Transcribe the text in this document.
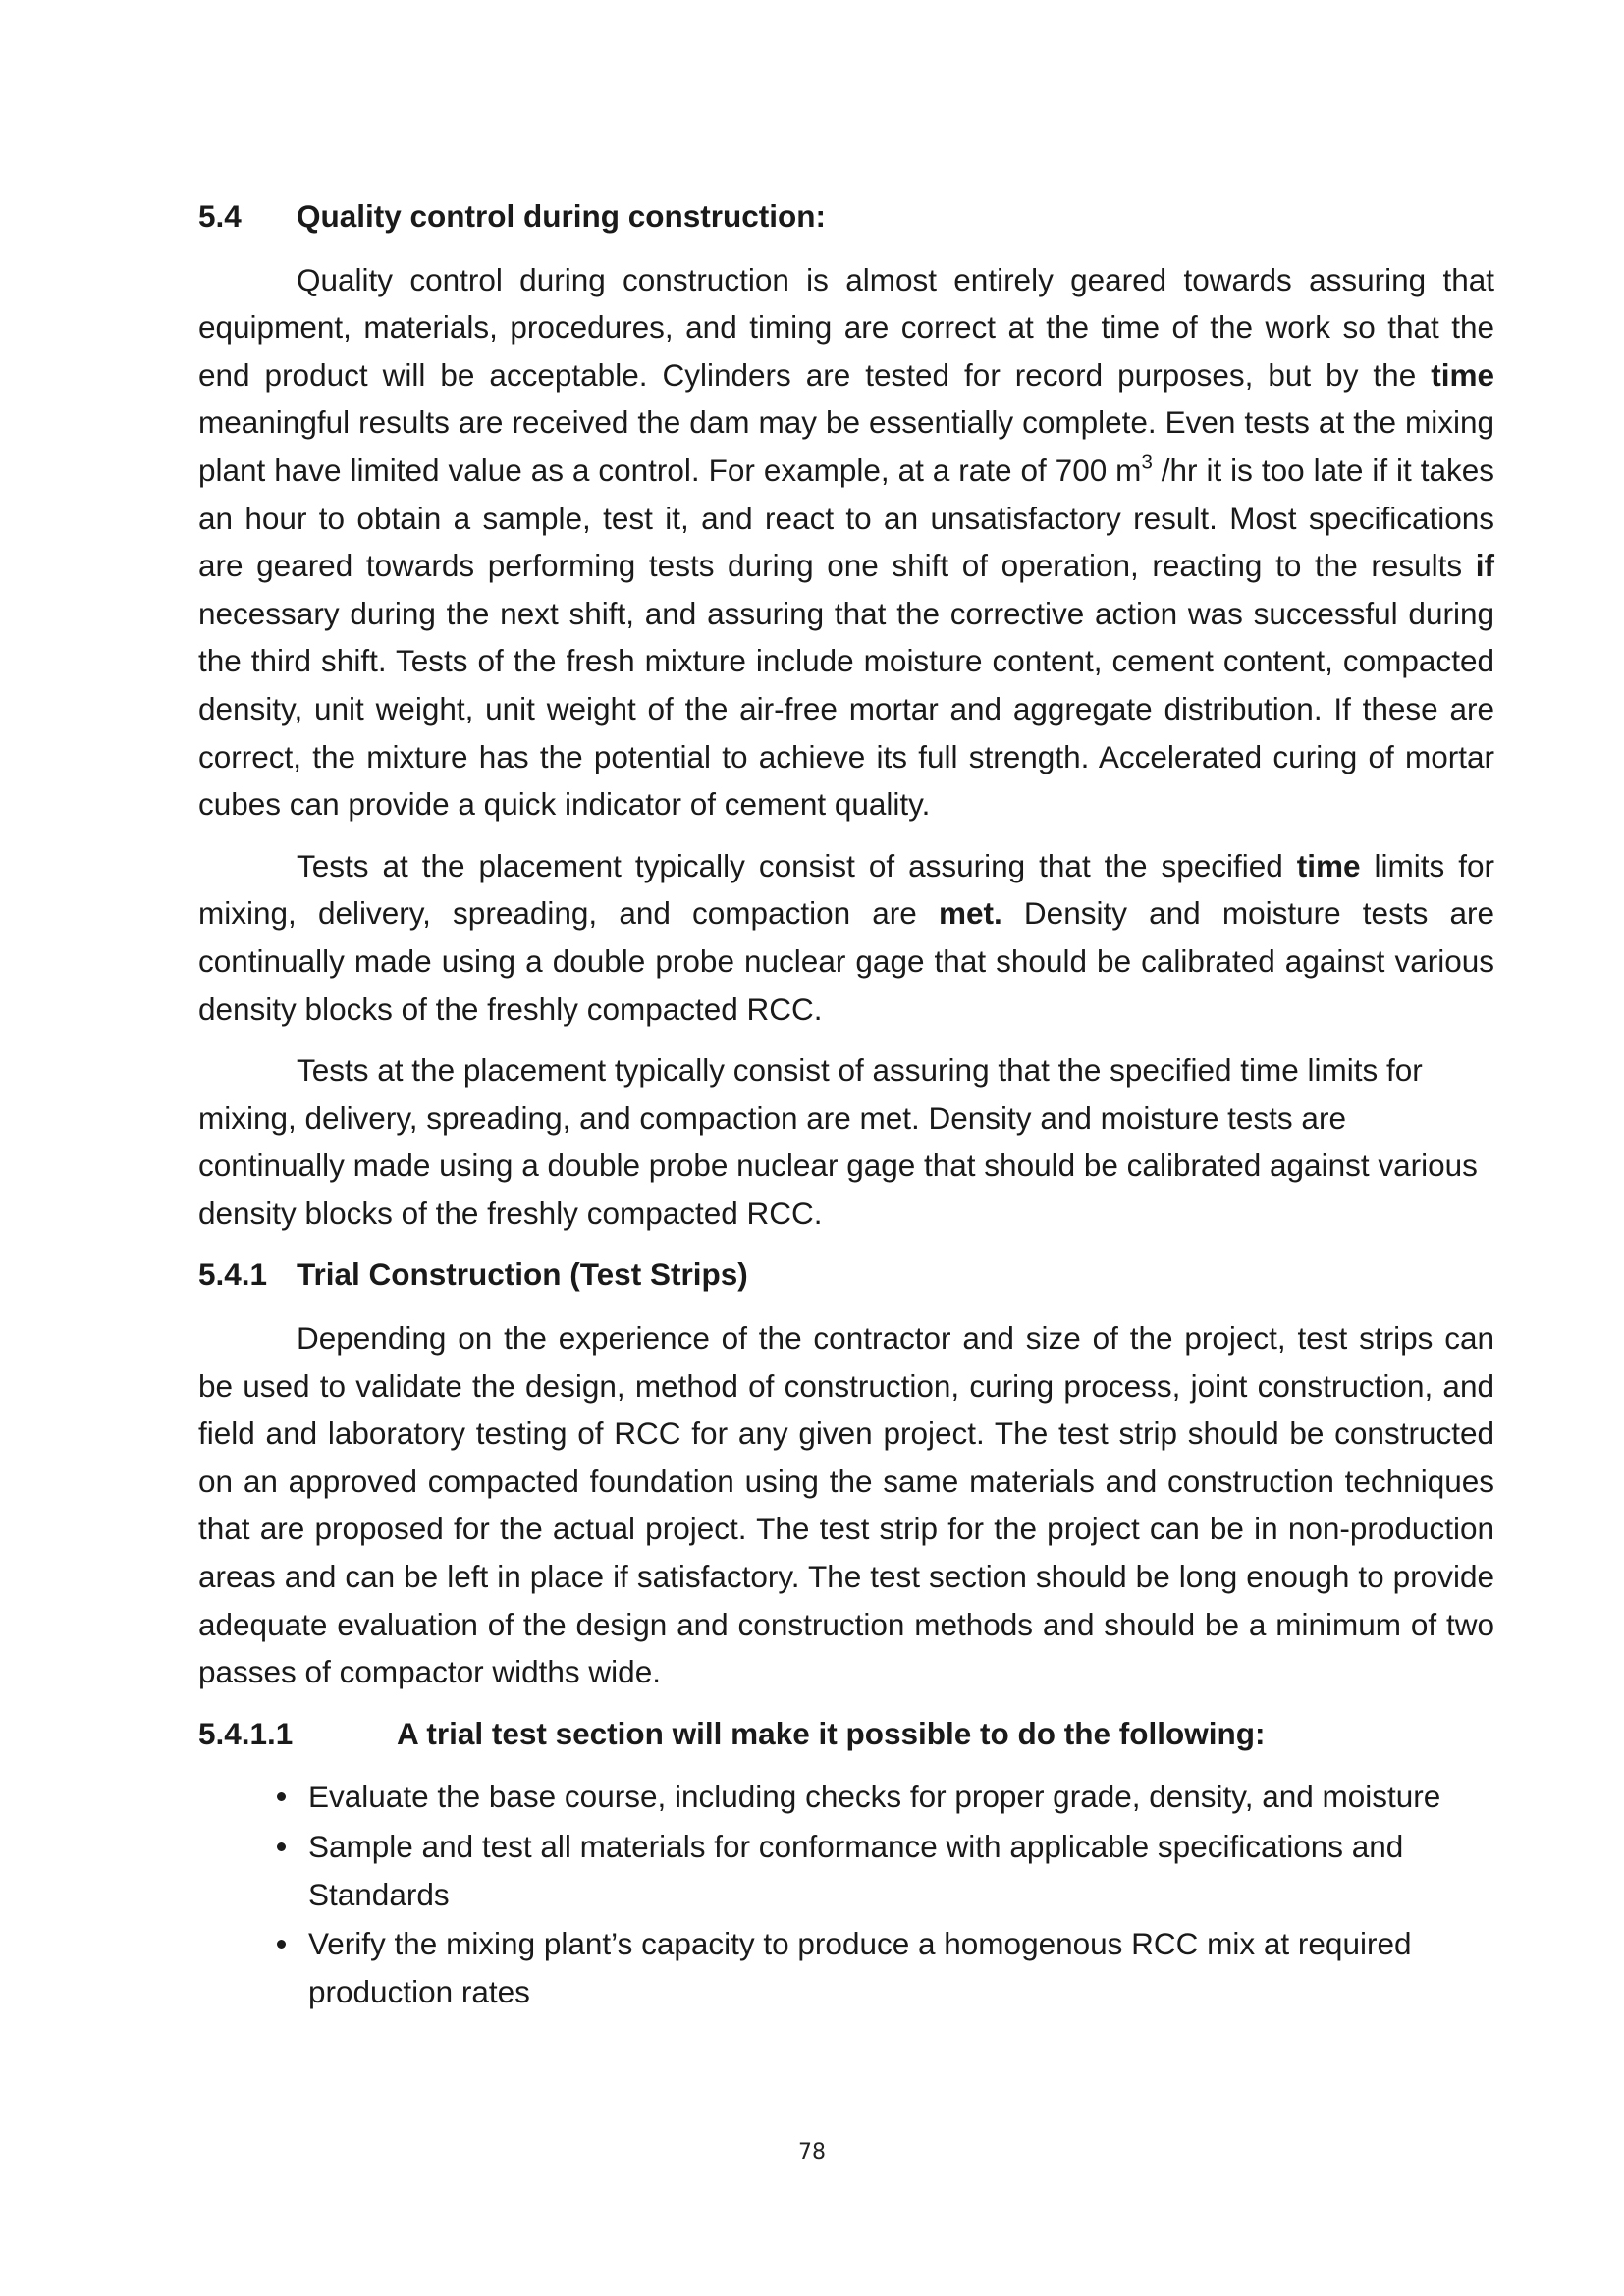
5.4	Quality control during construction:

Quality control during construction is almost entirely geared towards assuring that equipment, materials, procedures, and timing are correct at the time of the work so that the end product will be acceptable. Cylinders are tested for record purposes, but by the time meaningful results are received the dam may be essentially complete. Even tests at the mixing plant have limited value as a control. For example, at a rate of 700 $m^3$ /hr it is too late if it takes an hour to obtain a sample, test it, and react to an unsatisfactory result. Most specifications are geared towards performing tests during one shift of operation, reacting to the results if necessary during the next shift, and assuring that the corrective action was successful during the third shift. Tests of the fresh mixture include moisture content, cement content, compacted density, unit weight, unit weight of the air-free mortar and aggregate distribution. If these are correct, the mixture has the potential to achieve its full strength. Accelerated curing of mortar cubes can provide a quick indicator of cement quality.

Tests at the placement typically consist of assuring that the specified time limits for mixing, delivery, spreading, and compaction are met. Density and moisture tests are continually made using a double probe nuclear gage that should be calibrated against various density blocks of the freshly compacted RCC.

Tests at the placement typically consist of assuring that the specified time limits for mixing, delivery, spreading, and compaction are met. Density and moisture tests are continually made using a double probe nuclear gage that should be calibrated against various density blocks of the freshly compacted RCC.

5.4.1 Trial Construction (Test Strips)

Depending on the experience of the contractor and size of the project, test strips can be used to validate the design, method of construction, curing process, joint construction, and field and laboratory testing of RCC for any given project. The test strip should be constructed on an approved compacted foundation using the same materials and construction techniques that are proposed for the actual project. The test strip for the project can be in non-production areas and can be left in place if satisfactory. The test section should be long enough to provide adequate evaluation of the design and construction methods and should be a minimum of two passes of compactor widths wide.

5.4.1.1	A trial test section will make it possible to do the following:
Evaluate the base course, including checks for proper grade, density, and moisture
Sample and test all materials for conformance with applicable specifications and Standards
Verify the mixing plant’s capacity to produce a homogenous RCC mix at required production rates
78
